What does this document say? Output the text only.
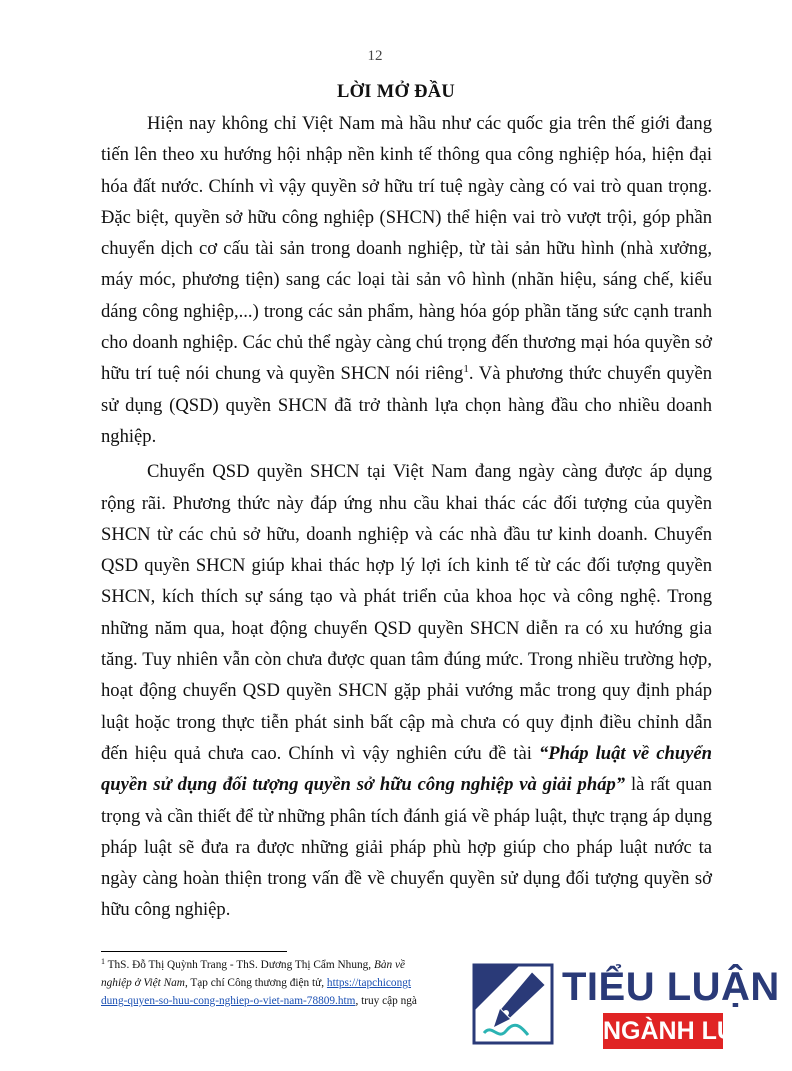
12
LỜI MỞ ĐẦU

Hiện nay không chỉ Việt Nam mà hầu như các quốc gia trên thế giới đang tiến lên theo xu hướng hội nhập nền kinh tế thông qua công nghiệp hóa, hiện đại hóa đất nước. Chính vì vậy quyền sở hữu trí tuệ ngày càng có vai trò quan trọng. Đặc biệt, quyền sở hữu công nghiệp (SHCN) thể hiện vai trò vượt trội, góp phần chuyển dịch cơ cấu tài sản trong doanh nghiệp, từ tài sản hữu hình (nhà xưởng, máy móc, phương tiện) sang các loại tài sản vô hình (nhãn hiệu, sáng chế, kiểu dáng công nghiệp,...) trong các sản phẩm, hàng hóa góp phần tăng sức cạnh tranh cho doanh nghiệp. Các chủ thể ngày càng chú trọng đến thương mại hóa quyền sở hữu trí tuệ nói chung và quyền SHCN nói riêng$^1$. Và phương thức chuyển quyền sử dụng (QSD) quyền SHCN đã trở thành lựa chọn hàng đầu cho nhiều doanh nghiệp.

Chuyển QSD quyền SHCN tại Việt Nam đang ngày càng được áp dụng rộng rãi. Phương thức này đáp ứng nhu cầu khai thác các đối tượng của quyền SHCN từ các chủ sở hữu, doanh nghiệp và các nhà đầu tư kinh doanh. Chuyển QSD quyền SHCN giúp khai thác hợp lý lợi ích kinh tế từ các đối tượng quyền SHCN, kích thích sự sáng tạo và phát triển của khoa học và công nghệ. Trong những năm qua, hoạt động chuyển QSD quyền SHCN diễn ra có xu hướng gia tăng. Tuy nhiên vẫn còn chưa được quan tâm đúng mức. Trong nhiều trường hợp, hoạt động chuyển QSD quyền SHCN gặp phải vướng mắc trong quy định pháp luật hoặc trong thực tiễn phát sinh bất cập mà chưa có quy định điều chỉnh dẫn đến hiệu quả chưa cao. Chính vì vậy nghiên cứu đề tài “Pháp luật về chuyển quyền sử dụng đối tượng quyền sở hữu công nghiệp và giải pháp” là rất quan trọng và cần thiết để từ những phân tích đánh giá về pháp luật, thực trạng áp dụng pháp luật sẽ đưa ra được những giải pháp phù hợp giúp cho pháp luật nước ta ngày càng hoàn thiện trong vấn đề về chuyển quyền sử dụng đối tượng quyền sở hữu công nghiệp.

$^1$ ThS. Đỗ Thị Quỳnh Trang - ThS. Dương Thị Cẩm Nhung, Bàn về
nghiệp ở Việt Nam, Tạp chí Công thương điện tử, https://tapchicongt
dung-quyen-so-huu-cong-nghiep-o-viet-nam-78809.htm, truy cập ngà	TIỂU LUẬN
NGÀNH LUẬT
